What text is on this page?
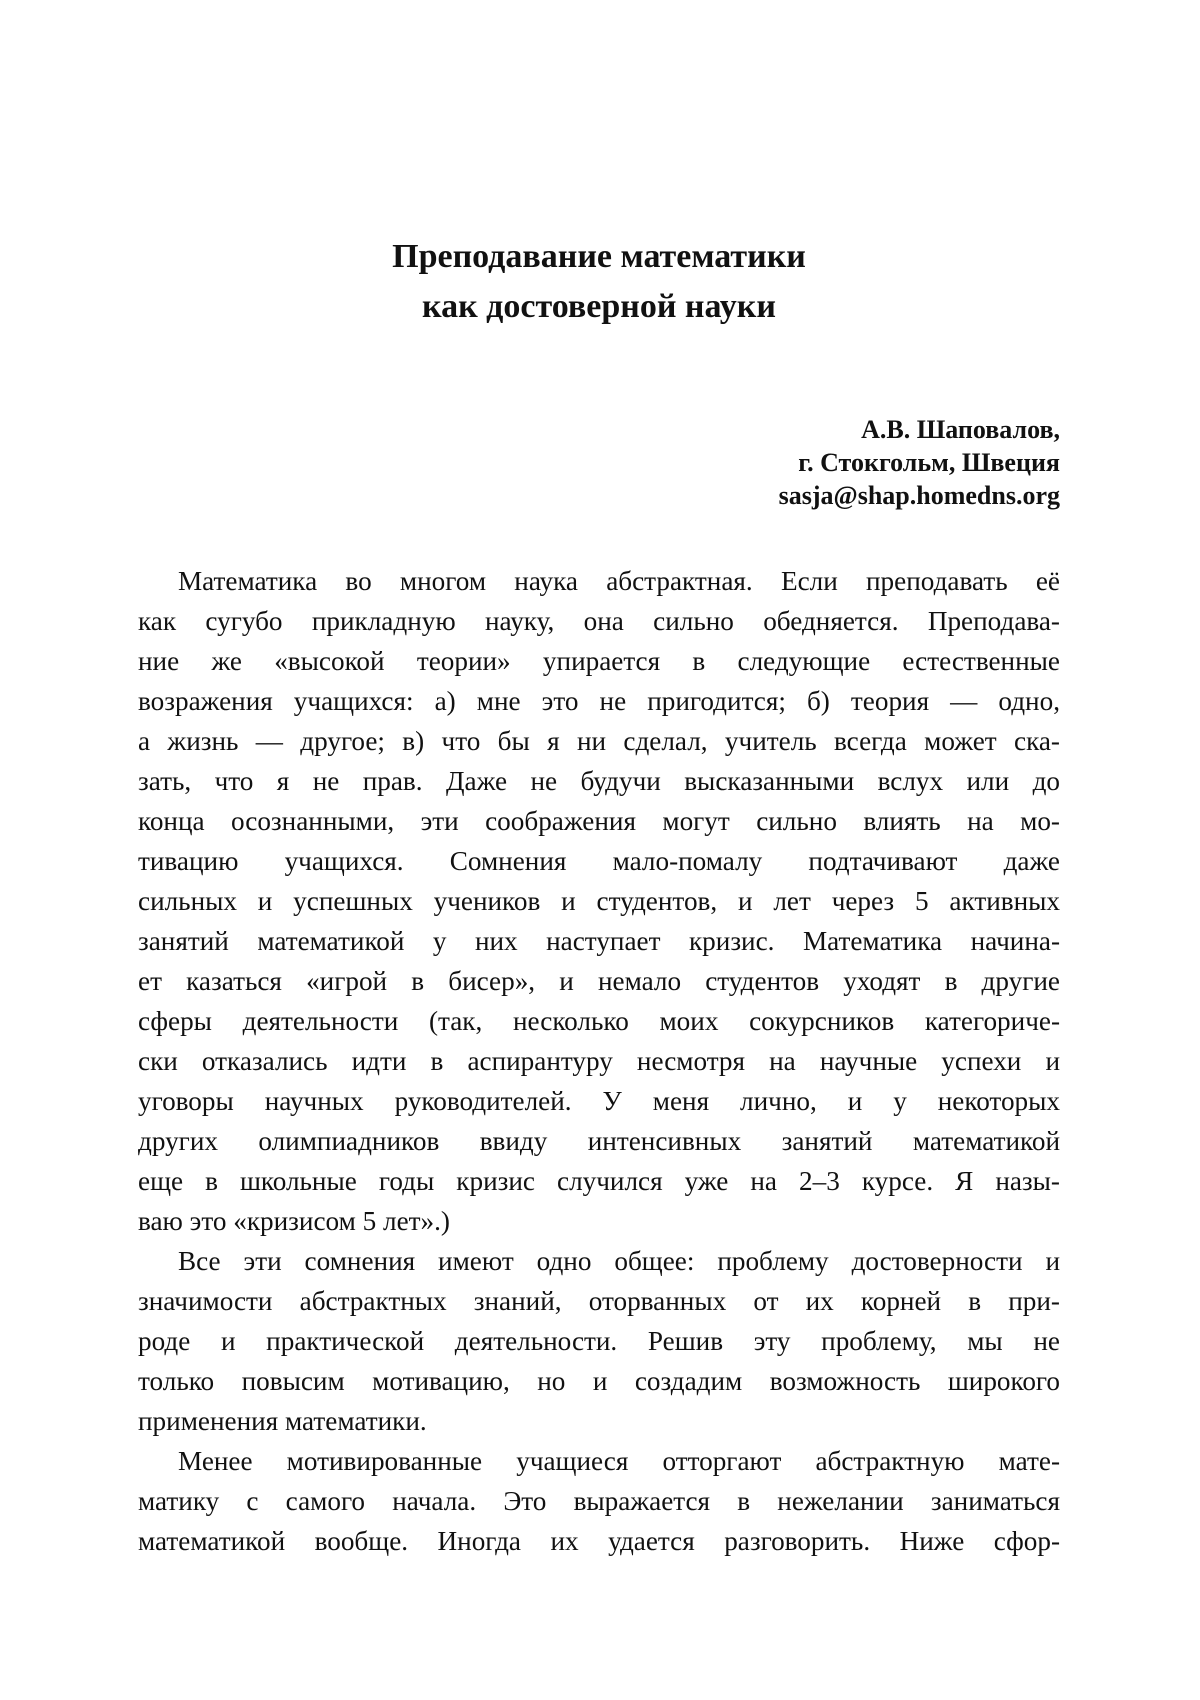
Преподавание математики
как достоверной науки
А.В. Шаповалов,
г. Стокгольм, Швеция
sasja@shap.homedns.org

Математика во многом наука абстрактная. Если преподавать её
как сугубо прикладную науку, она сильно обедняется. Преподава-
ние же «высокой теории» упирается в следующие естественные
возражения учащихся: а) мне это не пригодится; б) теория — одно,
а жизнь — другое; в) что бы я ни сделал, учитель всегда может ска-
зать, что я не прав. Даже не будучи высказанными вслух или до
конца осознанными, эти соображения могут сильно влиять на мо-
тивацию учащихся. Сомнения мало-помалу подтачивают даже
сильных и успешных учеников и студентов, и лет через 5 активных
занятий математикой у них наступает кризис. Математика начина-
ет казаться «игрой в бисер», и немало студентов уходят в другие
сферы деятельности (так, несколько моих сокурсников категориче-
ски отказались идти в аспирантуру несмотря на научные успехи и
уговоры научных руководителей. У меня лично, и у некоторых
других олимпиадников ввиду интенсивных занятий математикой
еще в школьные годы кризис случился уже на 2–3 курсе. Я назы-
ваю это «кризисом 5 лет».)

Все эти сомнения имеют одно общее: проблему достоверности и
значимости абстрактных знаний, оторванных от их корней в при-
роде и практической деятельности. Решив эту проблему, мы не
только повысим мотивацию, но и создадим возможность широкого
применения математики.

Менее мотивированные учащиеся отторгают абстрактную мате-
матику с самого начала. Это выражается в нежелании заниматься
математикой вообще. Иногда их удается разговорить. Ниже сфор-
